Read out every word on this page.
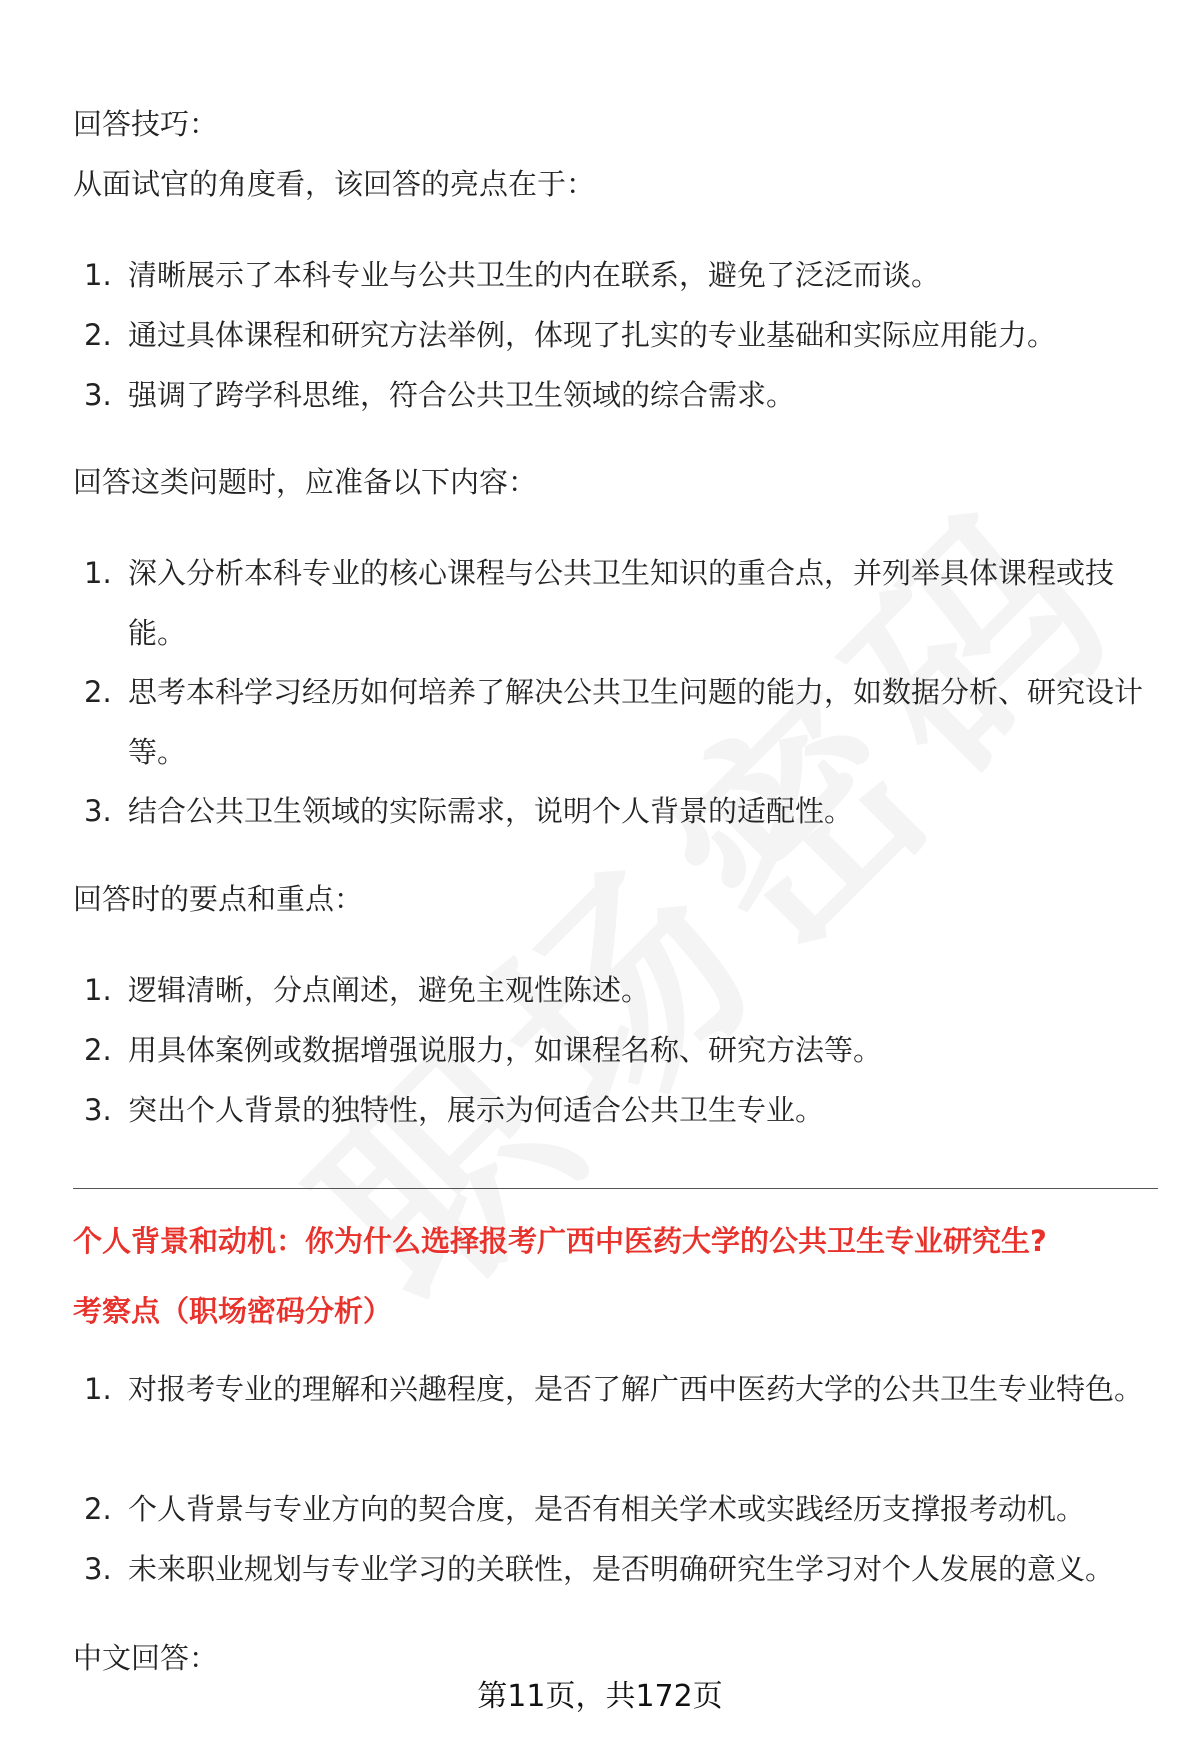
回答技巧：
从面试官的角度看，该回答的亮点在于：
1. 清晰展示了本科专业与公共卫生的内在联系，避免了泛泛而谈。
2. 通过具体课程和研究方法举例，体现了扎实的专业基础和实际应用能力。
3. 强调了跨学科思维，符合公共卫生领域的综合需求。
回答这类问题时，应准备以下内容：
1. 深入分析本科专业的核心课程与公共卫生知识的重合点，并列举具体课程或技能。
2. 思考本科学习经历如何培养了解决公共卫生问题的能力，如数据分析、研究设计等。
3. 结合公共卫生领域的实际需求，说明个人背景的适配性。
回答时的要点和重点：
1. 逻辑清晰，分点阐述，避免主观性陈述。
2. 用具体案例或数据增强说服力，如课程名称、研究方法等。
3. 突出个人背景的独特性，展示为何适合公共卫生专业。
个人背景和动机：你为什么选择报考广西中医药大学的公共卫生专业研究生?
考察点（职场密码分析）
1. 对报考专业的理解和兴趣程度，是否了解广西中医药大学的公共卫生专业特色。
2. 个人背景与专业方向的契合度，是否有相关学术或实践经历支撑报考动机。
3. 未来职业规划与专业学习的关联性，是否明确研究生学习对个人发展的意义。
中文回答：
第11页，共172页
